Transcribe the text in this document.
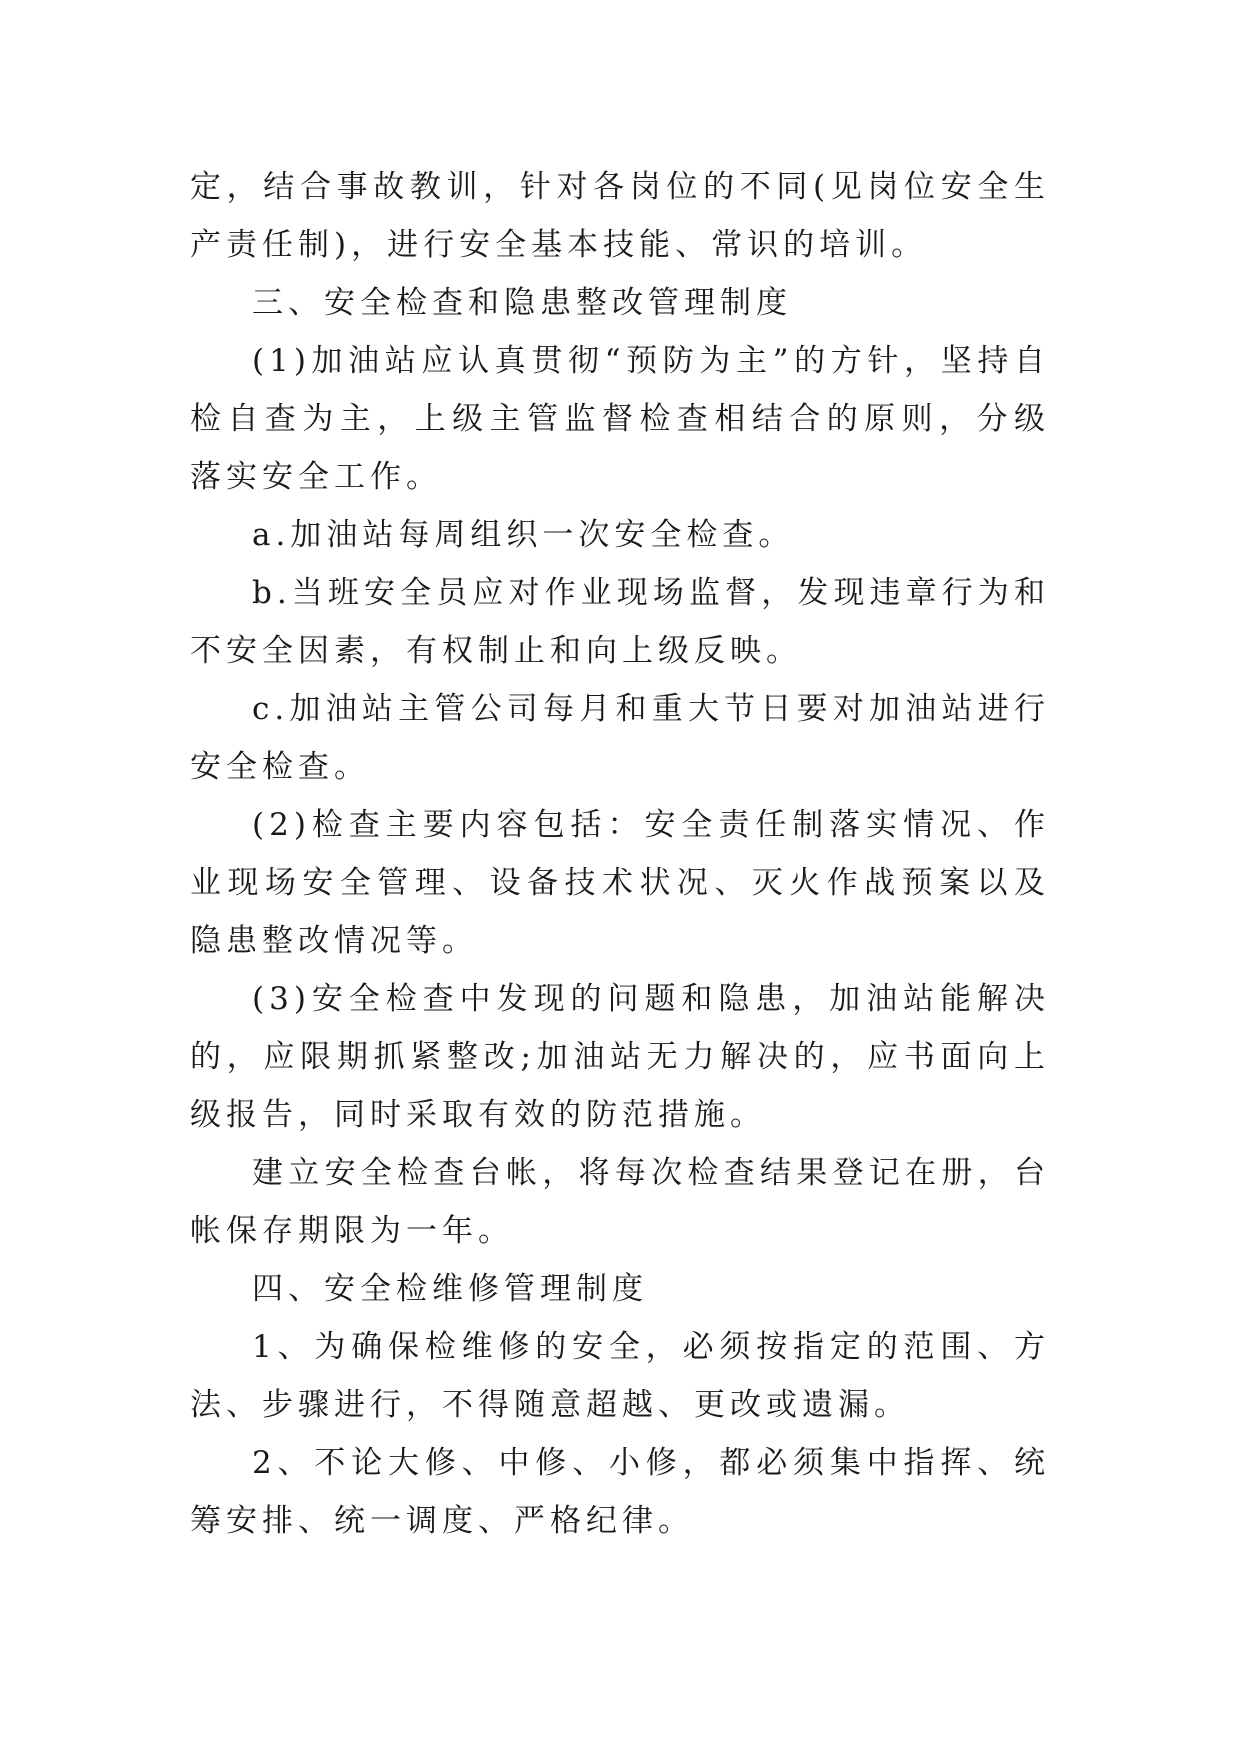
定，结合事故教训，针对各岗位的不同(见岗位安全生产责任制)，进行安全基本技能、常识的培训。

三、安全检查和隐患整改管理制度

(1)加油站应认真贯彻“预防为主”的方针，坚持自检自查为主，上级主管监督检查相结合的原则，分级落实安全工作。

a.加油站每周组织一次安全检查。

b.当班安全员应对作业现场监督，发现违章行为和不安全因素，有权制止和向上级反映。

c.加油站主管公司每月和重大节日要对加油站进行安全检查。

(2)检查主要内容包括：安全责任制落实情况、作业现场安全管理、设备技术状况、灭火作战预案以及隐患整改情况等。

(3)安全检查中发现的问题和隐患，加油站能解决的，应限期抓紧整改;加油站无力解决的，应书面向上级报告，同时采取有效的防范措施。

建立安全检查台帐，将每次检查结果登记在册，台帐保存期限为一年。

四、安全检维修管理制度

1、为确保检维修的安全，必须按指定的范围、方法、步骤进行，不得随意超越、更改或遗漏。

2、不论大修、中修、小修，都必须集中指挥、统筹安排、统一调度、严格纪律。
